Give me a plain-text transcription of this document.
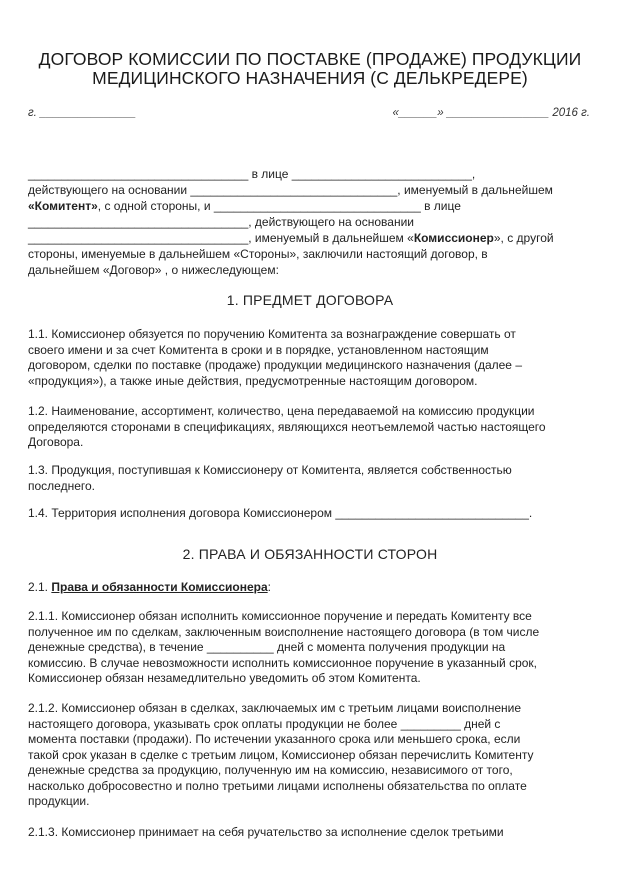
ДОГОВОР КОМИССИИ ПО ПОСТАВКЕ (ПРОДАЖЕ) ПРОДУКЦИИ
МЕДИЦИНСКОГО НАЗНАЧЕНИЯ (С ДЕЛЬКРЕДЕРЕ)
г. _______________	«______» ________________ 2016 г.
_________________________________ в лице ___________________________,
действующего на основании _______________________________, именуемый в дальнейшем
«Комитент», с одной стороны, и _______________________________ в лице
_________________________________, действующего на основании
_________________________________, именуемый в дальнейшем «Комиссионер», с другой
стороны, именуемые в дальнейшем «Стороны», заключили настоящий договор, в
дальнейшем «Договор» , о нижеследующем:
1. ПРЕДМЕТ ДОГОВОРА
1.1. Комиссионер обязуется по поручению Комитента за вознаграждение совершать от
своего имени и за счет Комитента в сроки и в порядке, установленном настоящим
договором, сделки по поставке (продаже) продукции медицинского назначения (далее –
«продукция»), а также иные действия, предусмотренные настоящим договором.
1.2. Наименование, ассортимент, количество, цена передаваемой на комиссию продукции
определяются сторонами в спецификациях, являющихся неотъемлемой частью настоящего
Договора.
1.3. Продукция, поступившая к Комиссионеру от Комитента, является собственностью
последнего.
1.4. Территория исполнения договора Комиссионером _____________________________.
2. ПРАВА И ОБЯЗАННОСТИ СТОРОН
2.1. Права и обязанности Комиссионера:
2.1.1. Комиссионер обязан исполнить комиссионное поручение и передать Комитенту все
полученное им по сделкам, заключенным воисполнение настоящего договора (в том числе
денежные средства), в течение __________ дней с момента получения продукции на
комиссию. В случае невозможности исполнить комиссионное поручение в указанный срок,
Комиссионер обязан незамедлительно уведомить об этом Комитента.
2.1.2. Комиссионер обязан в сделках, заключаемых им с третьим лицами воисполнение
настоящего договора, указывать срок оплаты продукции не более _________ дней с
момента поставки (продажи). По истечении указанного срока или меньшего срока, если
такой срок указан в сделке с третьим лицом, Комиссионер обязан перечислить Комитенту
денежные средства за продукцию, полученную им на комиссию, независимого от того,
насколько добросовестно и полно третьими лицами исполнены обязательства по оплате
продукции.
2.1.3. Комиссионер принимает на себя ручательство за исполнение сделок третьими
